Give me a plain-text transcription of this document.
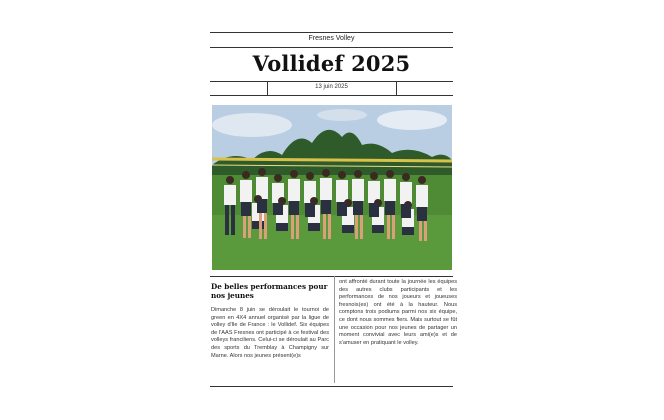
Fresnes Volley
Vollidef 2025
13 juin 2025
De belles performances pour nos jeunes
Dimanche 8 juin se déroulait le tournoi de green en 4X4 annuel organisé par la ligue de volley d'Ile de France : le Vollidef. Six équipes de l'AAS Fresnes ont participé à ce festival des volleys franciliens. Celui-ci se déroulait au Parc des sports du Tremblay à Champigny sur Marne. Alors nos jeunes présent(e)s
ont affronté durant toute la journée les équipes des autres clubs participants et les performances de nos joueurs et joueuses fresnois(es) ont été à la hauteur. Nous comptons trois podiums parmi nos six équipe, ce dont nous sommes fiers. Mais surtout se fût une occasion pour nos jeunes de partager un moment convivial avec leurs ami(e)s et de s'amuser en pratiquant le volley.
